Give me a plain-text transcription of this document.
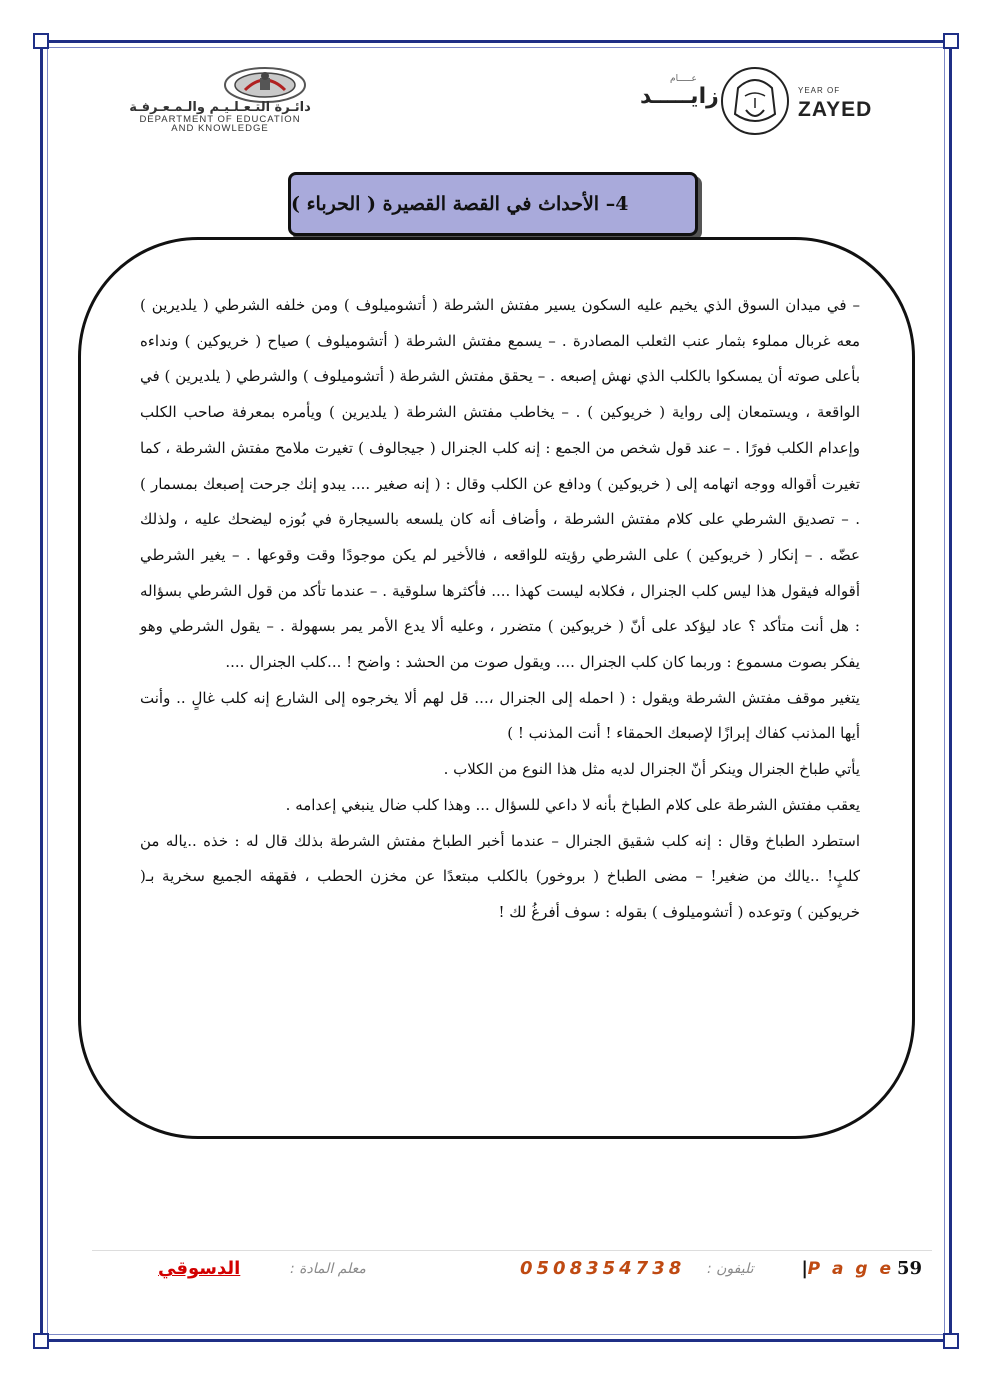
دائـرة التـعـلـيـم والـمـعـرفـة
DEPARTMENT OF EDUCATION
AND KNOWLEDGE
عـــــام
زايـــــد	YEAR OF
ZAYED
4– الأحداث في القصة القصيرة ( الحرباء )

– في ميدان السوق الذي يخيم عليه السكون يسير مفتش الشرطة ( أتشوميلوف ) ومن خلفه الشرطي ( يلديرين ) معه غربال مملوء بثمار عنب الثعلب المصادرة . – يسمع مفتش الشرطة ( أتشوميلوف ) صياح ( خريوكين ) ونداءه بأعلى صوته أن يمسكوا بالكلب الذي نهش إصبعه . – يحقق مفتش الشرطة ( أتشوميلوف ) والشرطي ( يلديرين ) في الواقعة ، ويستمعان إلى رواية ( خريوكين ) . – يخاطب مفتش الشرطة ( يلديرين ) ويأمره بمعرفة صاحب الكلب وإعدام الكلب فورًا . – عند قول شخص من الجمع : إنه كلب الجنرال ( جيجالوف ) تغيرت ملامح مفتش الشرطة ، كما تغيرت أقواله ووجه اتهامه إلى ( خريوكين ) ودافع عن الكلب وقال : ( إنه صغير .... يبدو إنك جرحت إصبعك بمسمار ) . – تصديق الشرطي على كلام مفتش الشرطة ، وأضاف أنه كان يلسعه بالسيجارة في بُوزه ليضحك عليه ، ولذلك عضّه . – إنكار ( خريوكين ) على الشرطي رؤيته للواقعه ، فالأخير لم يكن موجودًا وقت وقوعها . – يغير الشرطي أقواله فيقول هذا ليس كلب الجنرال ، فكلابه ليست كهذا .... فأكثرها سلوقية . – عندما تأكد من قول الشرطي بسؤاله : هل أنت متأكد ؟ عاد ليؤكد على أنّ ( خريوكين ) متضرر ، وعليه ألا يدع الأمر يمر بسهولة . – يقول الشرطي وهو يفكر بصوت مسموع : وربما كان كلب الجنرال .... ويقول صوت من الحشد : واضح ! ...كلب الجنرال ....

يتغير موقف مفتش الشرطة ويقول : ( احمله إلى الجنرال ،... قل لهم ألا يخرجوه إلى الشارع إنه كلب غالٍ .. وأنت أيها المذنب كفاك إبرازًا لإصبعك الحمقاء ! أنت المذنب ! )

يأتي طباخ الجنرال وينكر أنّ الجنرال لديه مثل هذا النوع من الكلاب .

يعقب مفتش الشرطة على كلام الطباخ بأنه لا داعي للسؤال ... وهذا كلب ضال ينبغي إعدامه .

استطرد الطباخ وقال : إنه كلب شقيق الجنرال – عندما أخبر الطباخ مفتش الشرطة بذلك قال له : خذه ..ياله من كلبٍ! ..يالك من ضغير! – مضى الطباخ ( بروخور) بالكلب مبتعدًا عن مخزن الحطب ، فقهقه الجميع سخرية بـ( خريوكين ) وتوعده ( أتشوميلوف ) بقوله : سوف أفرغُ لك !

الدسوقي	معلم المادة :	0508354738 تليفون :	| P a g e 59
